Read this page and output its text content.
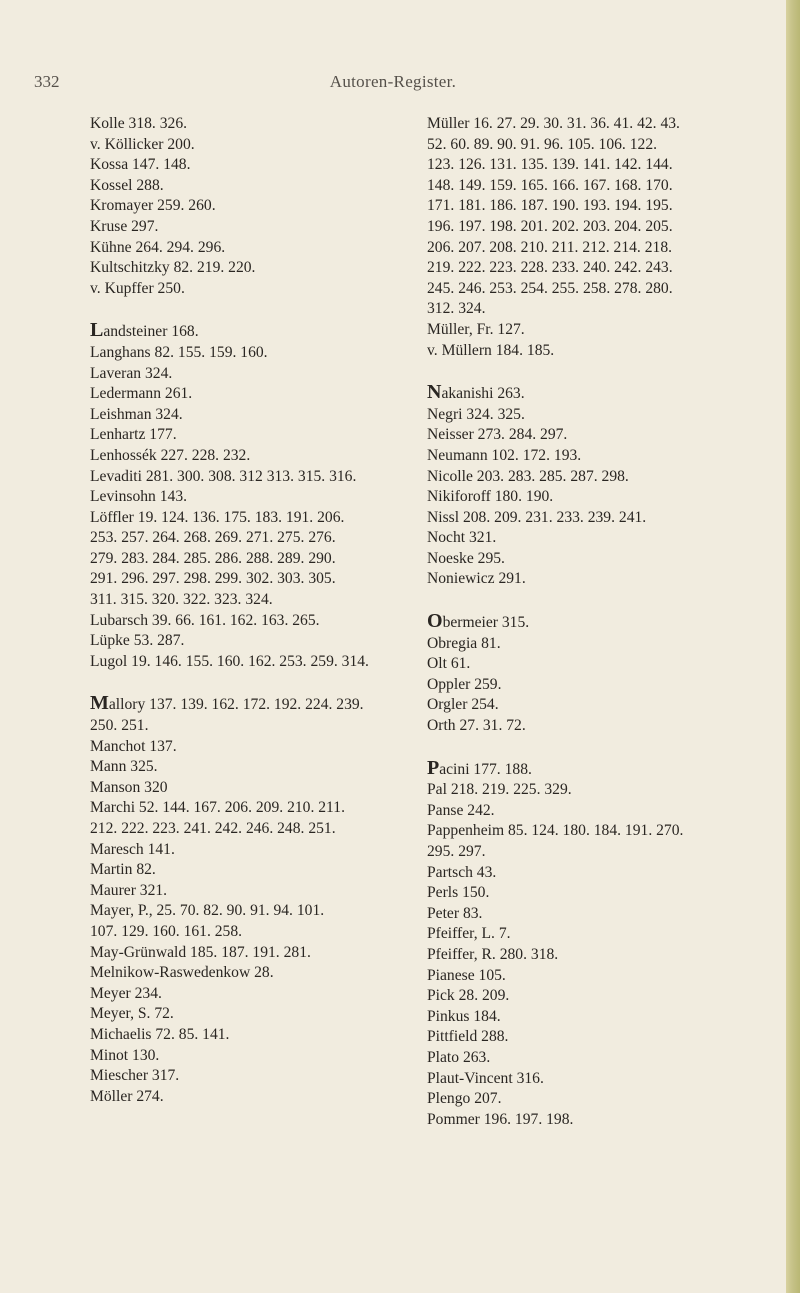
332	Autoren-Register.
Kolle 318. 326.
v. Köllicker 200.
Kossa 147. 148.
Kossel 288.
Kromayer 259. 260.
Kruse 297.
Kühne 264. 294. 296.
Kultschitzky 82. 219. 220.
v. Kupffer 250.
Landsteiner 168.
Langhans 82. 155. 159. 160.
Laveran 324.
Ledermann 261.
Leishman 324.
Lenhartz 177.
Lenhossék 227. 228. 232.
Levaditi 281. 300. 308. 312 313. 315. 316.
Levinsohn 143.
Löffler 19. 124. 136. 175. 183. 191. 206.
253. 257. 264. 268. 269. 271. 275. 276.
279. 283. 284. 285. 286. 288. 289. 290.
291. 296. 297. 298. 299. 302. 303. 305.
311. 315. 320. 322. 323. 324.
Lubarsch 39. 66. 161. 162. 163. 265.
Lüpke 53. 287.
Lugol 19. 146. 155. 160. 162. 253. 259. 314.
Mallory 137. 139. 162. 172. 192. 224. 239.
250. 251.
Manchot 137.
Mann 325.
Manson 320
Marchi 52. 144. 167. 206. 209. 210. 211.
212. 222. 223. 241. 242. 246. 248. 251.
Maresch 141.
Martin 82.
Maurer 321.
Mayer, P., 25. 70. 82. 90. 91. 94. 101.
107. 129. 160. 161. 258.
May-Grünwald 185. 187. 191. 281.
Melnikow-Raswedenkow 28.
Meyer 234.
Meyer, S. 72.
Michaelis 72. 85. 141.
Minot 130.
Miescher 317.
Möller 274.
Müller 16. 27. 29. 30. 31. 36. 41. 42. 43.
52. 60. 89. 90. 91. 96. 105. 106. 122.
123. 126. 131. 135. 139. 141. 142. 144.
148. 149. 159. 165. 166. 167. 168. 170.
171. 181. 186. 187. 190. 193. 194. 195.
196. 197. 198. 201. 202. 203. 204. 205.
206. 207. 208. 210. 211. 212. 214. 218.
219. 222. 223. 228. 233. 240. 242. 243.
245. 246. 253. 254. 255. 258. 278. 280.
312. 324.
Müller, Fr. 127.
v. Müllern 184. 185.
Nakanishi 263.
Negri 324. 325.
Neisser 273. 284. 297.
Neumann 102. 172. 193.
Nicolle 203. 283. 285. 287. 298.
Nikiforoff 180. 190.
Nissl 208. 209. 231. 233. 239. 241.
Nocht 321.
Noeske 295.
Noniewicz 291.
Obermeier 315.
Obregia 81.
Olt 61.
Oppler 259.
Orgler 254.
Orth 27. 31. 72.
Pacini 177. 188.
Pal 218. 219. 225. 329.
Panse 242.
Pappenheim 85. 124. 180. 184. 191. 270.
295. 297.
Partsch 43.
Perls 150.
Peter 83.
Pfeiffer, L. 7.
Pfeiffer, R. 280. 318.
Pianese 105.
Pick 28. 209.
Pinkus 184.
Pittfield 288.
Plato 263.
Plaut-Vincent 316.
Plengo 207.
Pommer 196. 197. 198.
